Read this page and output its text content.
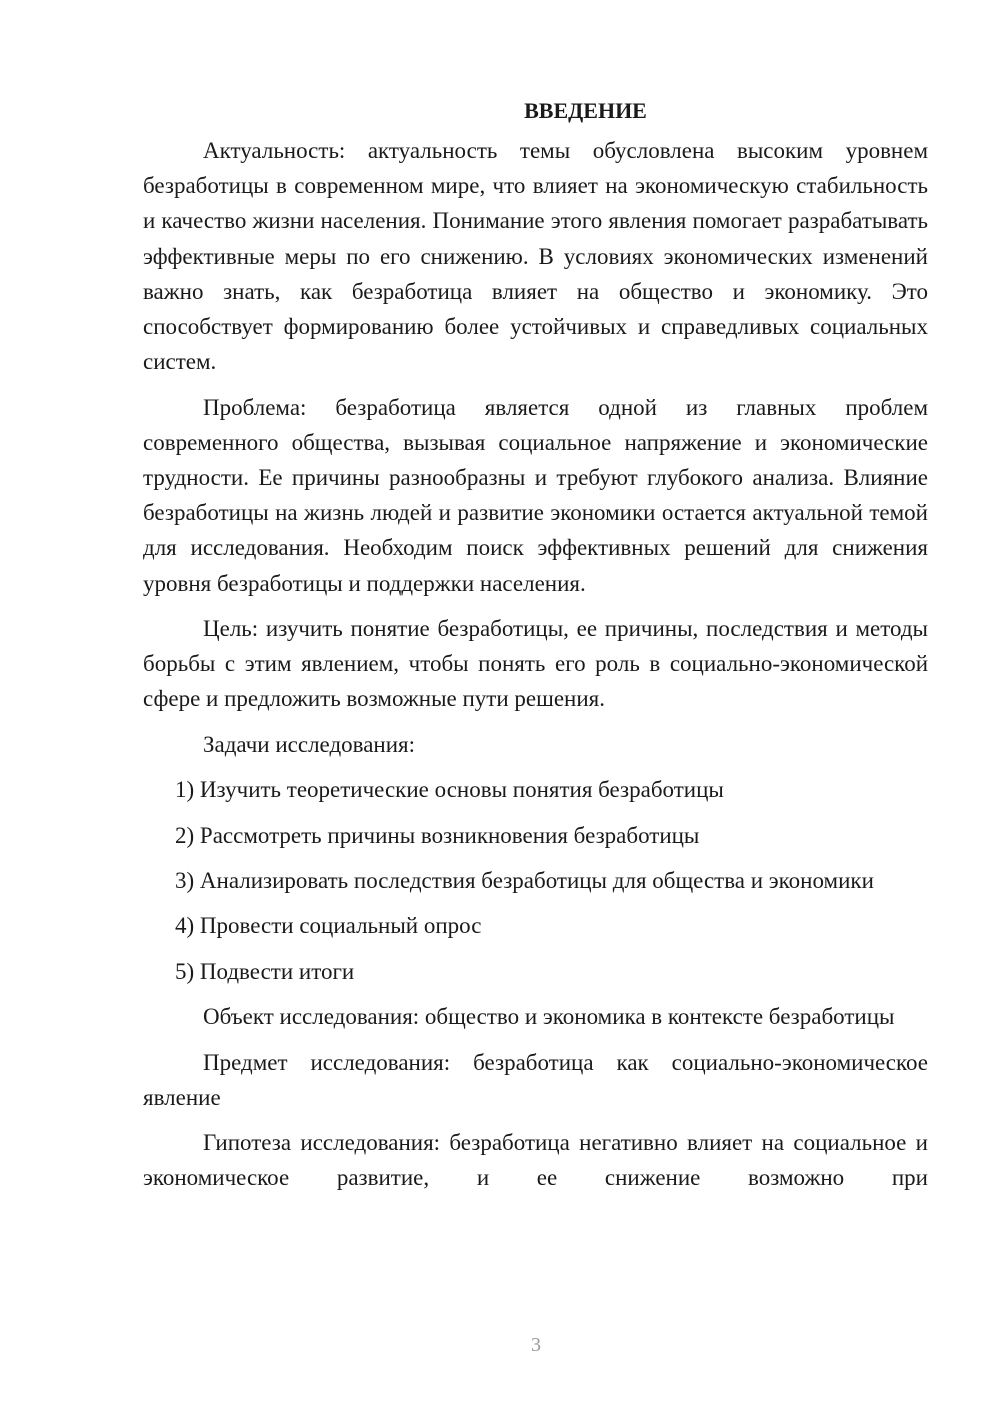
ВВЕДЕНИЕ

Актуальность: актуальность темы обусловлена высоким уровнем безработицы в современном мире, что влияет на экономическую стабильность и качество жизни населения. Понимание этого явления помогает разрабатывать эффективные меры по его снижению. В условиях экономических изменений важно знать, как безработица влияет на общество и экономику. Это способствует формированию более устойчивых и справедливых социальных систем.

Проблема: безработица является одной из главных проблем современного общества, вызывая социальное напряжение и экономические трудности. Ее причины разнообразны и требуют глубокого анализа. Влияние безработицы на жизнь людей и развитие экономики остается актуальной темой для исследования. Необходим поиск эффективных решений для снижения уровня безработицы и поддержки населения.

Цель: изучить понятие безработицы, ее причины, последствия и методы борьбы с этим явлением, чтобы понять его роль в социально-экономической сфере и предложить возможные пути решения.

Задачи исследования:

1) Изучить теоретические основы понятия безработицы

2) Рассмотреть причины возникновения безработицы

3) Анализировать последствия безработицы для общества и экономики

4) Провести социальный опрос

5) Подвести итоги

Объект исследования: общество и экономика в контексте безработицы

Предмет исследования: безработица как социально-экономическое явление

Гипотеза исследования: безработица негативно влияет на социальное и экономическое развитие, и ее снижение возможно при

3
